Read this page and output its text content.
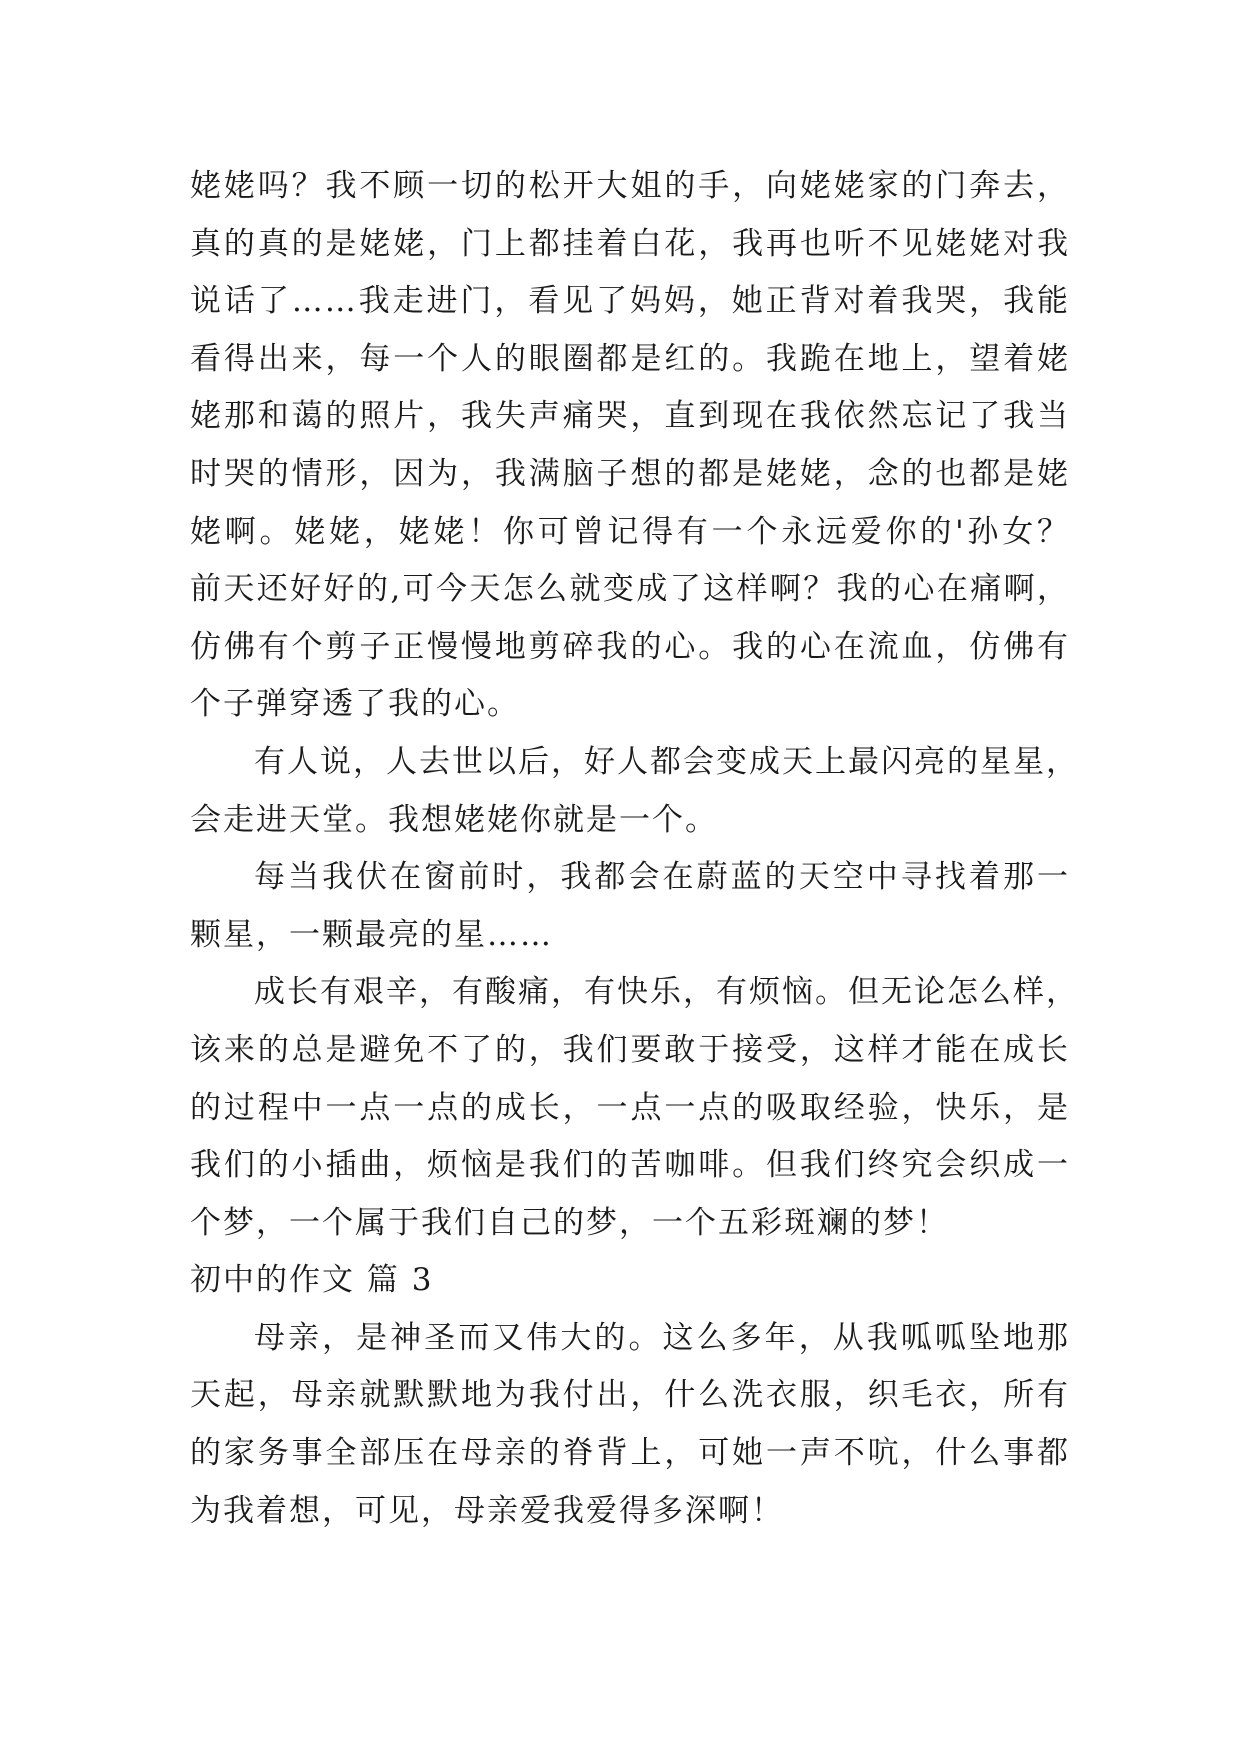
姥姥吗？我不顾一切的松开大姐的手，向姥姥家的门奔去，
真的真的是姥姥，门上都挂着白花，我再也听不见姥姥对我
说话了……我走进门，看见了妈妈，她正背对着我哭，我能
看得出来，每一个人的眼圈都是红的。我跪在地上，望着姥
姥那和蔼的照片，我失声痛哭，直到现在我依然忘记了我当
时哭的情形，因为，我满脑子想的都是姥姥，念的也都是姥
姥啊。姥姥，姥姥！你可曾记得有一个永远爱你的'孙女？
前天还好好的,可今天怎么就变成了这样啊？我的心在痛啊，
仿佛有个剪子正慢慢地剪碎我的心。我的心在流血，仿佛有
个子弹穿透了我的心。
有人说，人去世以后，好人都会变成天上最闪亮的星星，
会走进天堂。我想姥姥你就是一个。
每当我伏在窗前时，我都会在蔚蓝的天空中寻找着那一
颗星，一颗最亮的星……
成长有艰辛，有酸痛，有快乐，有烦恼。但无论怎么样，
该来的总是避免不了的，我们要敢于接受，这样才能在成长
的过程中一点一点的成长，一点一点的吸取经验，快乐，是
我们的小插曲，烦恼是我们的苦咖啡。但我们终究会织成一
个梦，一个属于我们自己的梦，一个五彩斑斓的梦！
初中的作文 篇 3
母亲，是神圣而又伟大的。这么多年，从我呱呱坠地那
天起，母亲就默默地为我付出，什么洗衣服，织毛衣，所有
的家务事全部压在母亲的脊背上，可她一声不吭，什么事都
为我着想，可见，母亲爱我爱得多深啊！
